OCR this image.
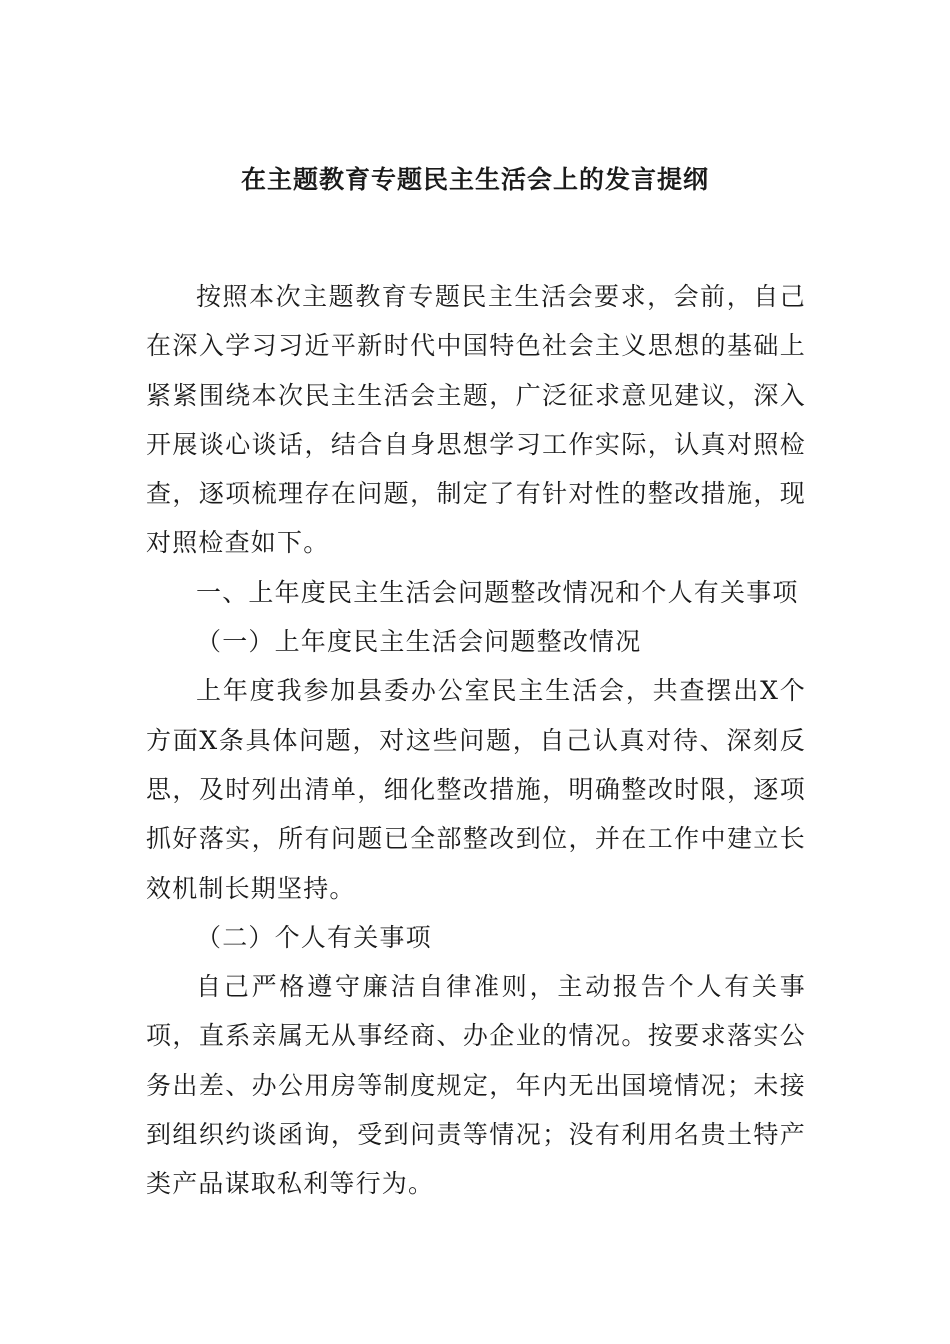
在主题教育专题民主生活会上的发言提纲

按照本次主题教育专题民主生活会要求，会前，自己在深入学习习近平新时代中国特色社会主义思想的基础上紧紧围绕本次民主生活会主题，广泛征求意见建议，深入开展谈心谈话，结合自身思想学习工作实际，认真对照检查，逐项梳理存在问题，制定了有针对性的整改措施，现对照检查如下。

一、上年度民主生活会问题整改情况和个人有关事项

（一）上年度民主生活会问题整改情况

上年度我参加县委办公室民主生活会，共查摆出X个方面X条具体问题，对这些问题，自己认真对待、深刻反思，及时列出清单，细化整改措施，明确整改时限，逐项抓好落实，所有问题已全部整改到位，并在工作中建立长效机制长期坚持。

（二）个人有关事项

自己严格遵守廉洁自律准则，主动报告个人有关事项，直系亲属无从事经商、办企业的情况。按要求落实公务出差、办公用房等制度规定，年内无出国境情况；未接到组织约谈函询，受到问责等情况；没有利用名贵土特产类产品谋取私利等行为。
